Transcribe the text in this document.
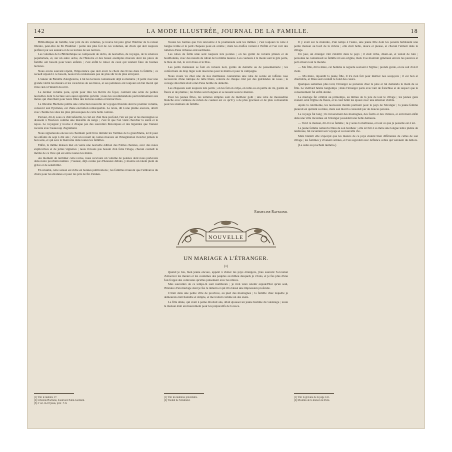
142	LA MODE ILLUSTRÉE, JOURNAL DE LA FAMILLE.	18

Bibliothèque de famille, leur prix de six volumes, je trouve lui père grisé l'héritier de la raison libraire, peut-être de M. Haulmet : partie des plus fort de ces volumes, un choix qui doit toujours préférer par ses auteurs et de sa lecture de ses notices.

Les volumes de la Bibliothèque se composent de récits, de nouvelles, de voyages, de la sciences popularisée, et, sur un autre ordre, de l'histoire et des beaux exemples moraux dont les pères de famille ont besoin pour leurs enfants ; c'est enfin le trésor de ceux qui veulent faire de bonnes lectures.

Nous avons souvent répété, l'importance que doit avoir le choix des livres dans la famille ; ce recueil répond à ce besoin, nous n'en connaissons pas de plus sûr ni de plus attrayant.

L'auteur de Bataille d'Angleterre, à lui les lecteurs connaissent déjà sa manière ; il peint avec une grande vérité les mœurs et les caractères de ses héros, et ses peintures ont toujours un but moral qui n'ôte rien à l'intérêt du récit.

Le dernier volume paru, ayant pour titre les Récits du foyer, contient une série de petites nouvelles dont la lecture sera aussi agréable qu'utile ; nous les recommandons particulièrement aux mères qui cherchent pour leurs filles des lectures saines et instructives.

La librairie Hachette publie une collection nouvelle de voyages illustrés dont le premier volume, consacré aux Pyrénées, est d'une exécution remarquable. Le texte, dû à une plume exercée, décrit avec charme les sites les plus pittoresques de cette belle contrée.

Partout, dit-il, sous ce chèvrefeuille, le ciel est d'un bleu profond, l'air est pur et les montagnes se dressent à l'horizon comme une muraille de neige ; c'est là que l'on vient chercher la santé et le repos. Le voyageur y trouve à chaque pas des souvenirs historiques et des légendes que l'auteur raconte avec beaucoup d'agrément.

Nous signalerons encore un charmant petit livre intitulé les Veillées de la grand'mère, écrit pour les enfants de sept à dix ans ; c'est un recueil de contes moraux où l'imagination n'exclut jamais le bon sens, et qui sera le bienvenu dans toutes les familles.

Enfin, la même maison met en vente une nouvelle édition des Fables choisies, avec des notes explicatives et de jolies vignettes ; nous n'avons pas besoin d'en faire l'éloge, chacun connaît le mérite de ce livre qui est entre toutes les mains.

Au moment de terminer cette revue, nous recevons un volume de poésies dont nous parlerons dans notre prochain numéro ; l'auteur, déjà connu par d'heureux débuts, y montre un talent plein de grâce et de sensibilité.

En résumé, cette saison est riche en bonnes publications ; les familles n'auront que l'embarras du choix pour les étrennes et pour les prix de fin d'année.

Toutes les formes que l'on rencontre à la promenade sont les mêmes ; c'est toujours la robe à longue traîne et le petit chapeau posé en arrière ; mais les étoffes varient à l'infini et l'on voit des toilettes d'une richesse extraordinaire.

Les robes de faille unie sont toujours très portées ; on les garnit de volants plissés et de bouillonnés, avec des nœuds de ruban de la même nuance. Les couleurs à la mode sont le gris perle, le bleu de ciel, le vert d'eau et le lilas.

Les petits manteaux se font en velours noir, garnis de dentelle ou de passementerie ; les confections de drap léger sont réservées pour le matin et pour la campagne.

Nous avons vu chez une de nos meilleures couturières une robe de soirée en taffetas rose recouverte d'une tunique de tulle blanc, relevée de chaque côté par des guirlandes de roses ; le corsage décolleté était orné d'une berthe de dentelle.

Les chapeaux sont toujours très petits ; on les fait en crêpe, en tulle ou en paille de riz, garnis de fleurs et de plumes ; les brides sont longues et se nouent sous le menton.

Pour les jeunes filles, les toilettes simples sont de meilleur goût ; une robe de mousseline blanche avec ceinture de ruban de couleur est ce qu'il y a de plus gracieux et de plus convenable pour les réunions de famille.

Emmeline Raymond.
NOUVELLE
UN MARIAGE A L'ÉTRANGER.
(1)

Quand je fus, bien jeune encore, appelé à visiter les pays étrangers, j'eus souvent l'occasion d'observer les mœurs et les coutumes des peuples au milieu desquels je vivais, et je fus plus d'une fois frappé des contrastes qu'elles présentent avec les nôtres.

Mes souvenirs de ce temps-là sont nombreux ; je n'en veux retenir aujourd'hui qu'un seul, l'histoire d'un mariage dont je fus le témoin et qui m'a laissé une impression profonde.

C'était dans une petite ville de province, au pied des montagnes ; la famille chez laquelle je demeurais était honnête et simple, et me traitait comme un des siens.

La fille aînée, qui avait à peine dix-huit ans, allait épouser un jeune homme du voisinage ; toute la maison était en mouvement pour les préparatifs de la noce.

Il y avait sur le moindre, d'un temps à l'autre, une jeune fille dont les parents habitaient une petite maison au bord de la rivière ; elle était belle, douce et pieuse, et chacun l'aimait dans le village.

Un jour, un étranger vint s'établir dans le pays ; il était riche, disait-on, et venait de loin ; personne ne connaissait sa famille ni son origine, mais il se montrait généreux envers les pauvres et poli envers tout le monde.

— Ma fille, dit la mère, cet homme te regarde souvent à l'église ; prends garde, on ne sait d'où il vient.

— Ma mère, répondit la jeune fille, il n'a rien fait pour mériter nos soupçons ; il est bon et charitable, et Dieu seul connaît le fond des cœurs.

Quelques semaines plus tard, l'étranger se présenta chez le père et lui demanda la main de sa fille. Le vieillard hésita longtemps ; mais l'étranger parla avec tant de franchise et de respect que le consentement fut enfin donné.

Le mariage fut célébré au printemps, au milieu de la joie de tout le village ; les jeunes gens avaient orné l'église de fleurs, et le curé bénit les époux avec une émotion visible.

Après la cérémonie, les nouveaux mariés partirent pour le pays de l'étranger ; la jeune femme pleurait en quittant sa mère, mais son mari la consolait par de douces paroles.

Le voyage fut long ; ils traversèrent des montagnes, des forêts et des rivières, et arrivèrent enfin dans une ville inconnue où l'étranger possédait une belle demeure.

— Voici ta maison, dit-il à sa femme ; tu y seras la maîtresse, et tout ce que je possède est à toi.

La jeune femme remercia Dieu de son bonheur ; elle écrivit à sa mère une longue lettre pleine de tendresse, lui racontant son voyage et sa nouvelle vie.

Mais bientôt elle s'aperçut que les mœurs de ce pays étaient bien différentes de celles de son village ; les femmes y vivaient retirées, et l'on regardait avec défiance celles qui venaient du dehors.

(La suite au prochain numéro.)

(1) Voir le numéro 17.
(2) Librairie Hachette, boulevard Saint-Germain.
(3) 2 vol. in-18 jésus, prix : 3 fr.
(1) Voir les numéros précédents.
(2) Traduit de l'allemand.
(1) Voir la gravure de la page 141.
(2) Modèles de la maison de Paris.
